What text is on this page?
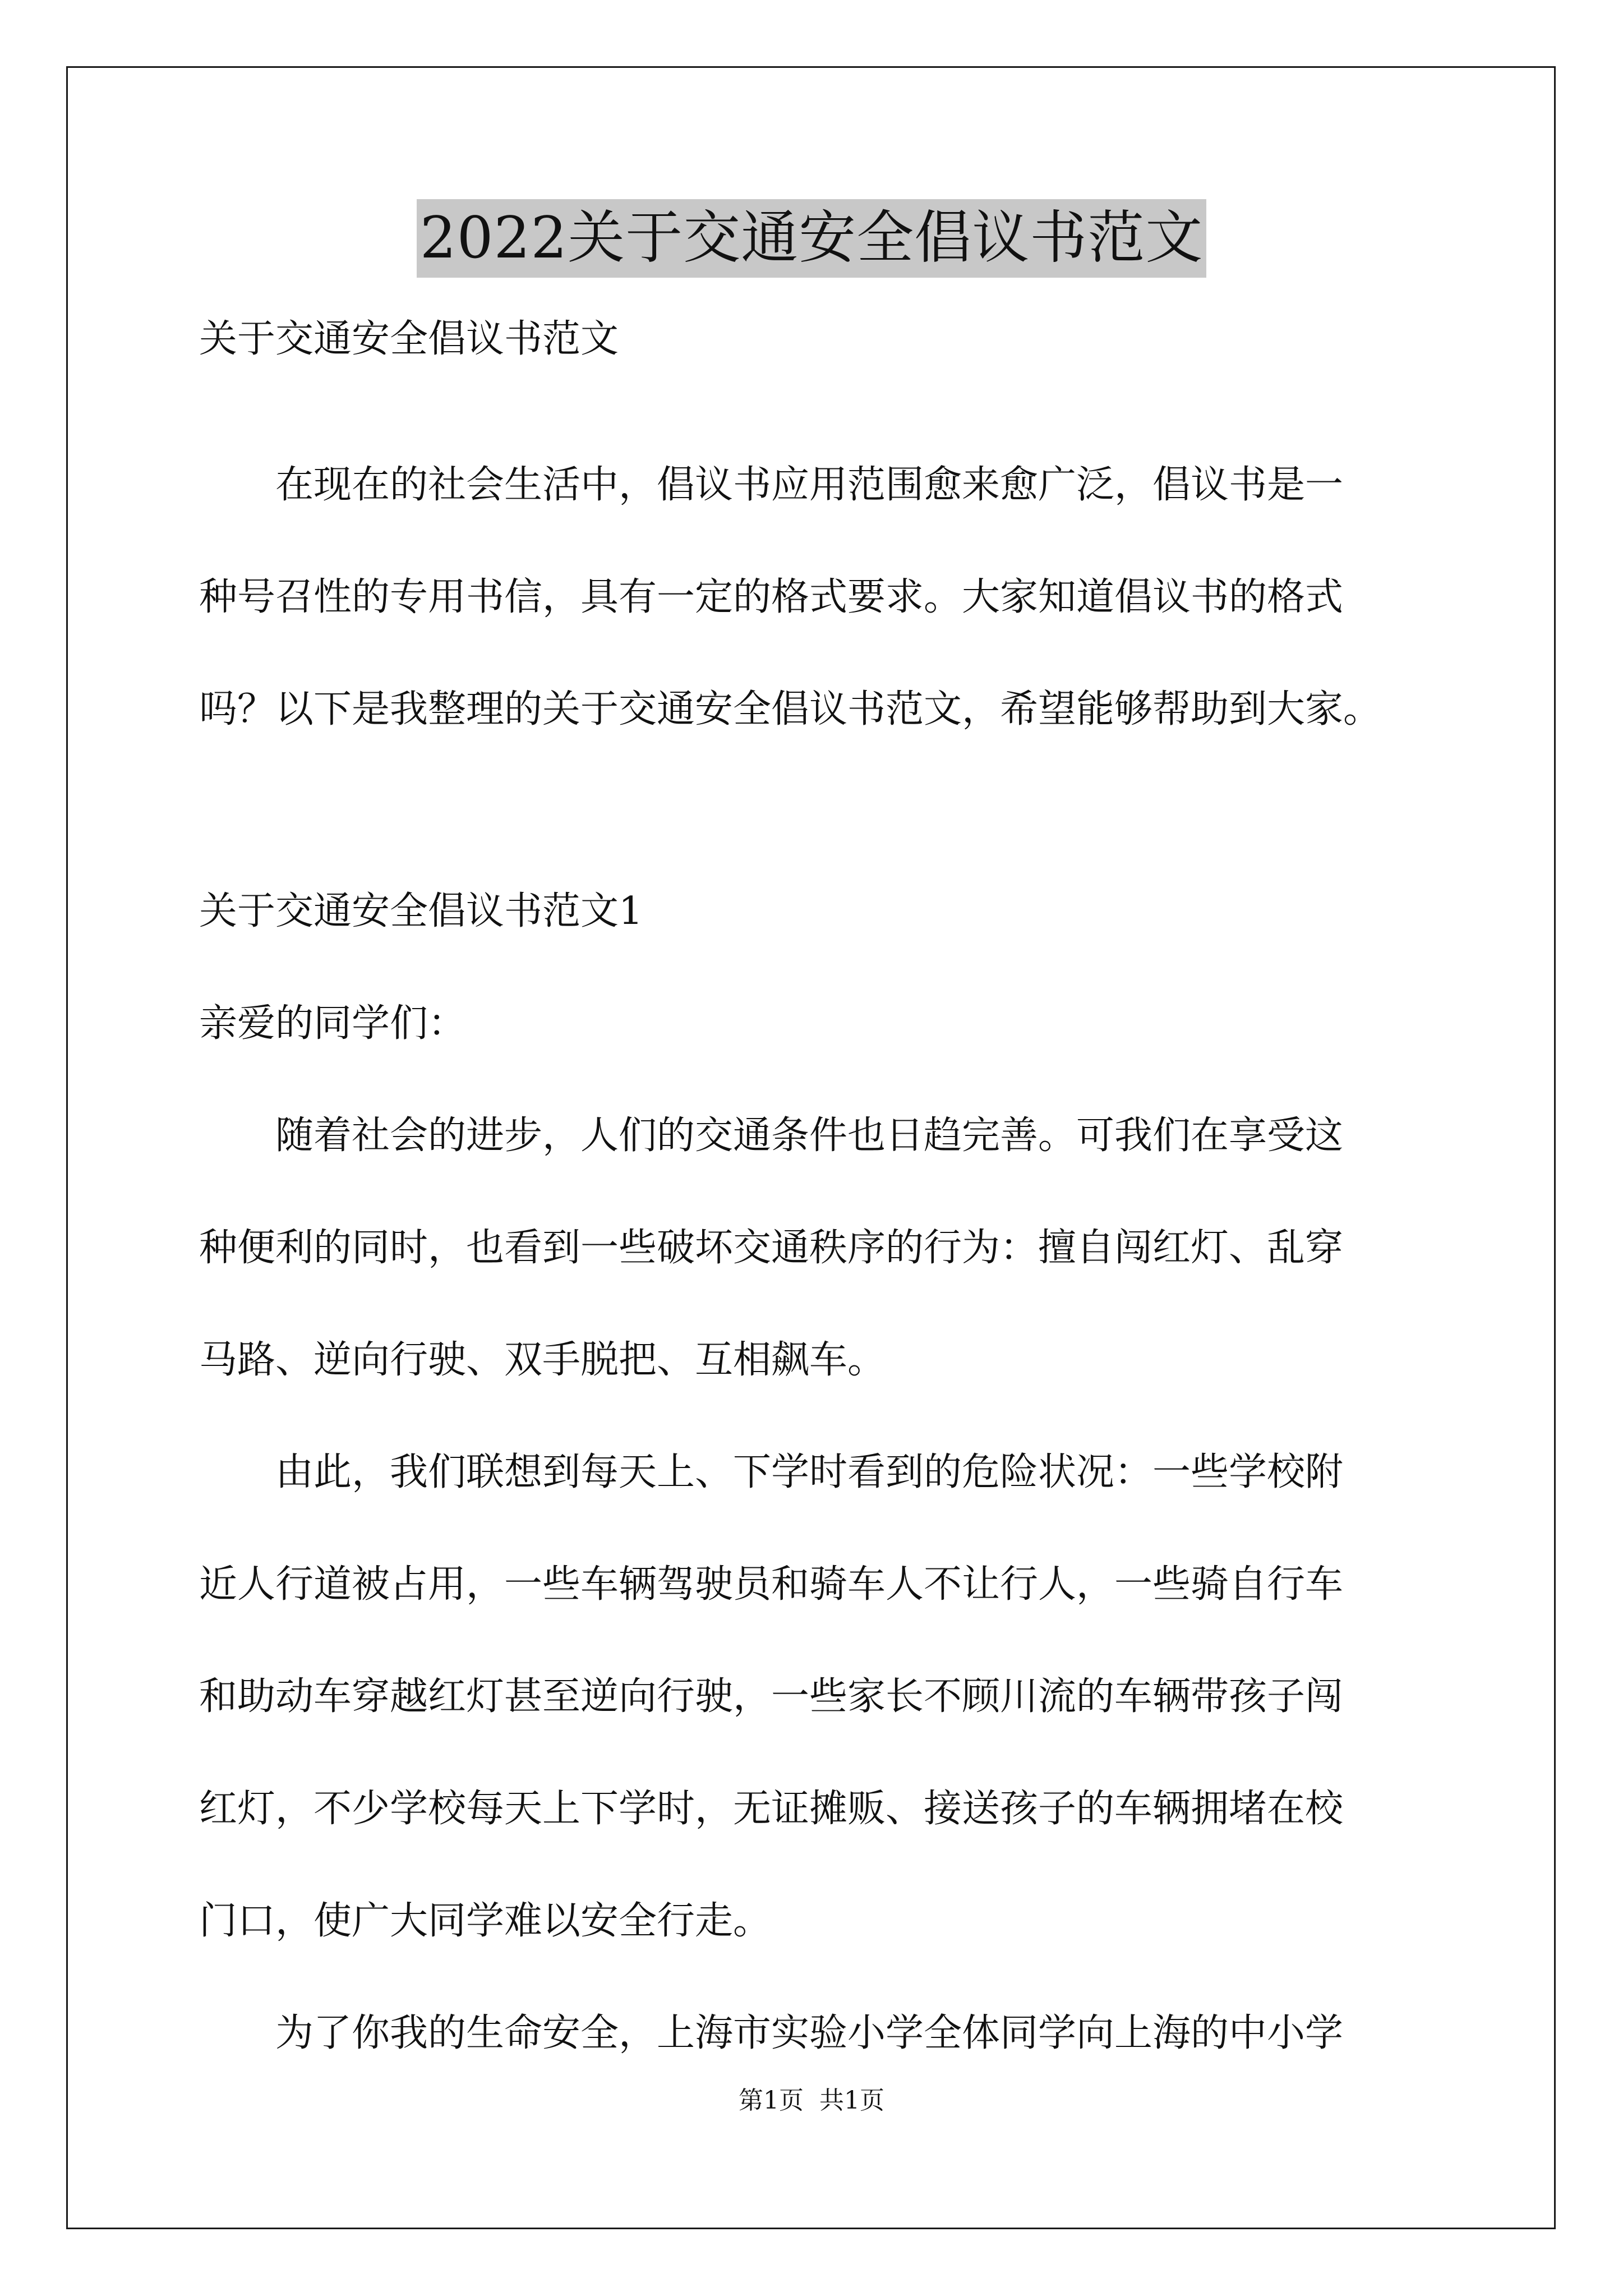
2022关于交通安全倡议书范文
关于交通安全倡议书范文
　　在现在的社会生活中，倡议书应用范围愈来愈广泛，倡议书是一
种号召性的专用书信，具有一定的格式要求。大家知道倡议书的格式
吗？以下是我整理的关于交通安全倡议书范文，希望能够帮助到大家。
关于交通安全倡议书范文1
亲爱的同学们：
　　随着社会的进步，人们的交通条件也日趋完善。可我们在享受这
种便利的同时，也看到一些破坏交通秩序的行为：擅自闯红灯、乱穿
马路、逆向行驶、双手脱把、互相飙车。
　　由此，我们联想到每天上、下学时看到的危险状况：一些学校附
近人行道被占用，一些车辆驾驶员和骑车人不让行人，一些骑自行车
和助动车穿越红灯甚至逆向行驶，一些家长不顾川流的车辆带孩子闯
红灯，不少学校每天上下学时，无证摊贩、接送孩子的车辆拥堵在校
门口，使广大同学难以安全行走。
　　为了你我的生命安全，上海市实验小学全体同学向上海的中小学
第1页 共1页
